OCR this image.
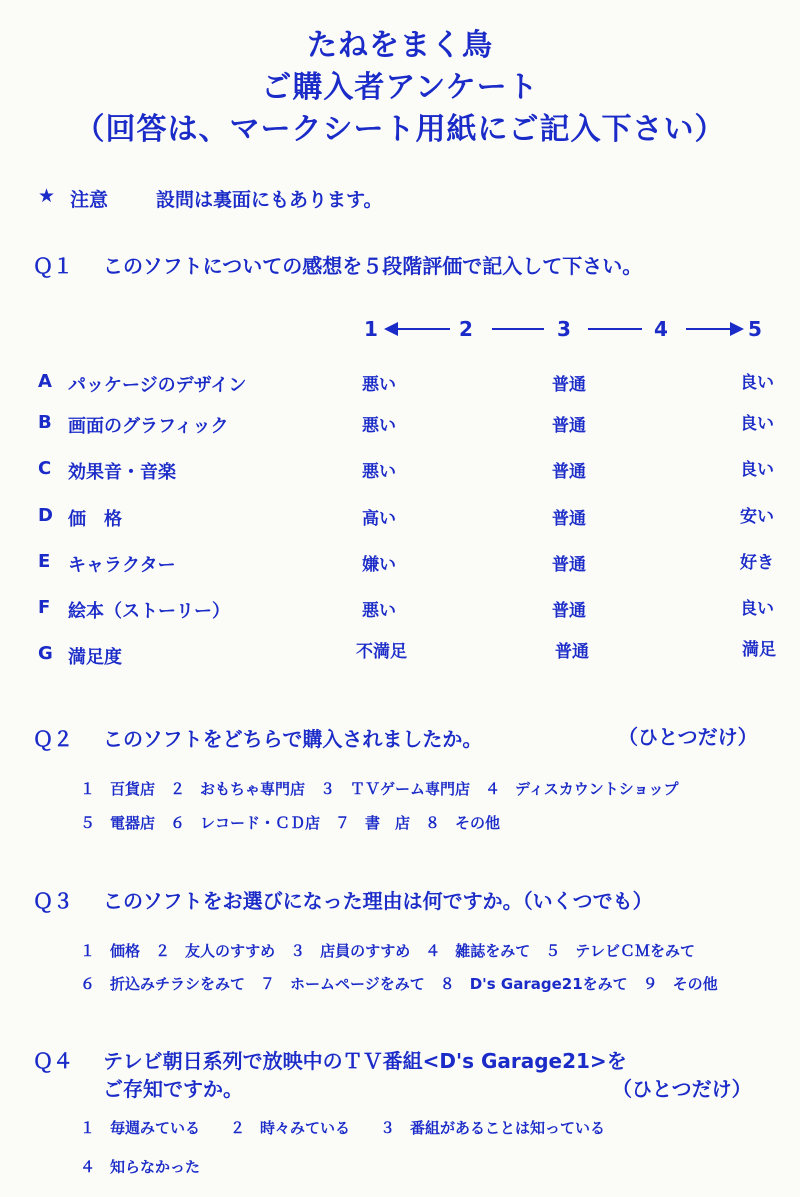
たねをまく鳥
ご購入者アンケート
（回答は、マークシート用紙にご記入下さい）
★ 注意	設問は裏面にもあります。
Ｑ１ このソフトについての感想を５段階評価で記入して下さい。
1	2	3	4	5
A パッケージのデザイン	悪い	普通	良い
B 画面のグラフィック	悪い	普通	良い
C 効果音・音楽	悪い	普通	良い
D 価　格	高い	普通	安い
E キャラクター	嫌い	普通	好き
F 絵本（ストーリー）	悪い	普通	良い
G 満足度	不満足	普通	満足
Ｑ２ このソフトをどちらで購入されましたか。	（ひとつだけ）
１　百貨店　２　おもちゃ専門店　３　ＴＶゲーム専門店　４　ディスカウントショップ
５　電器店　６　レコード・ＣＤ店　７　書　店　８　その他
Ｑ３ このソフトをお選びになった理由は何ですか。（いくつでも）
１　価格　２　友人のすすめ　３　店員のすすめ　４　雑誌をみて　５　テレビＣＭをみて
６　折込みチラシをみて　７　ホームページをみて　８　D's Garage21をみて　９　その他
Ｑ４ テレビ朝日系列で放映中のＴＶ番組<D's Garage21>を
ご存知ですか。	（ひとつだけ）
１　毎週みている　　２　時々みている　　３　番組があることは知っている
４　知らなかった
